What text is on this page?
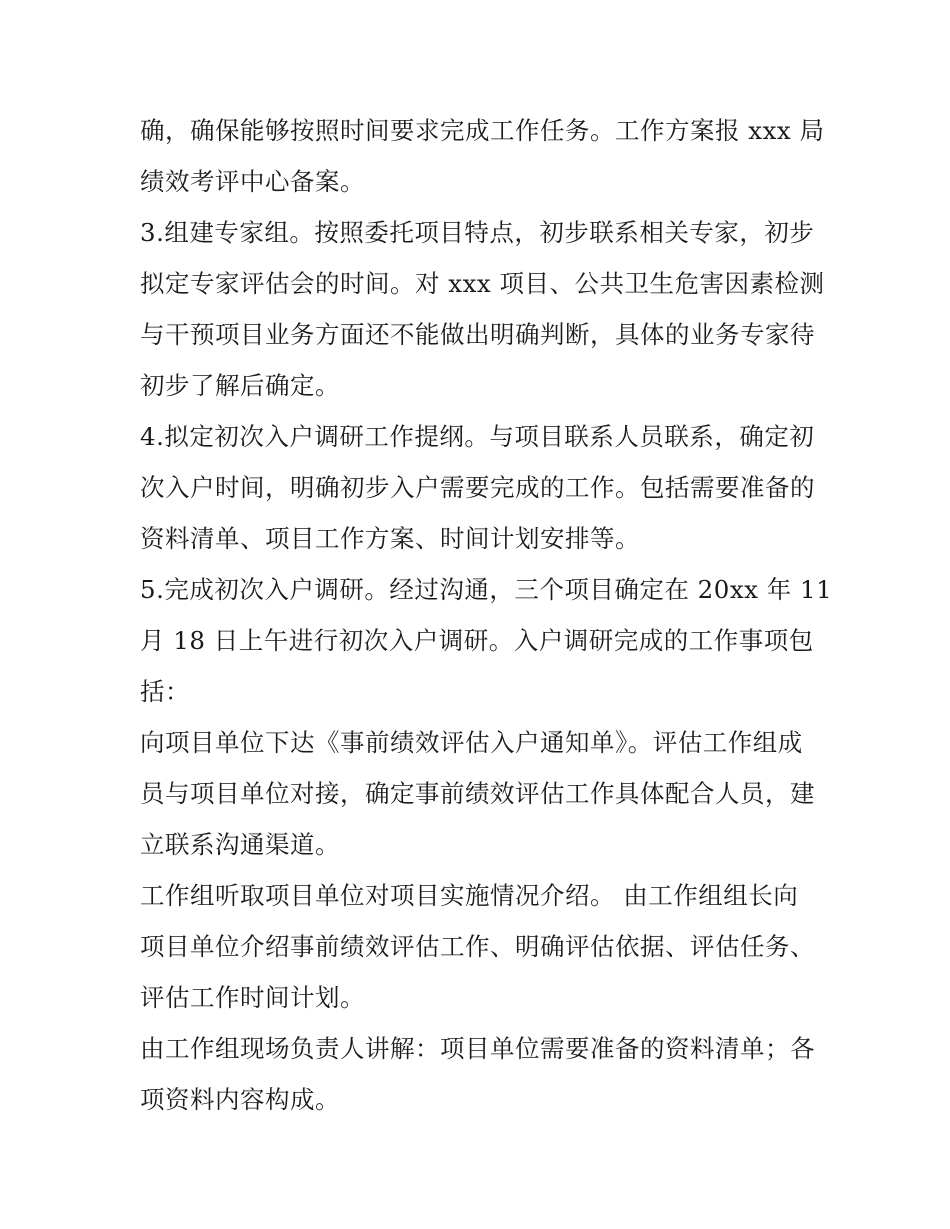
确，确保能够按照时间要求完成工作任务。工作方案报 xxx 局
绩效考评中心备案。
3.组建专家组。按照委托项目特点，初步联系相关专家，初步
拟定专家评估会的时间。对 xxx 项目、公共卫生危害因素检测
与干预项目业务方面还不能做出明确判断，具体的业务专家待
初步了解后确定。
4.拟定初次入户调研工作提纲。与项目联系人员联系，确定初
次入户时间，明确初步入户需要完成的工作。包括需要准备的
资料清单、项目工作方案、时间计划安排等。
5.完成初次入户调研。经过沟通，三个项目确定在 20xx 年 11
月 18 日上午进行初次入户调研。入户调研完成的工作事项包
括：
向项目单位下达《事前绩效评估入户通知单》。评估工作组成
员与项目单位对接，确定事前绩效评估工作具体配合人员，建
立联系沟通渠道。
工作组听取项目单位对项目实施情况介绍。 由工作组组长向
项目单位介绍事前绩效评估工作、明确评估依据、评估任务、
评估工作时间计划。
由工作组现场负责人讲解：项目单位需要准备的资料清单；各
项资料内容构成。
